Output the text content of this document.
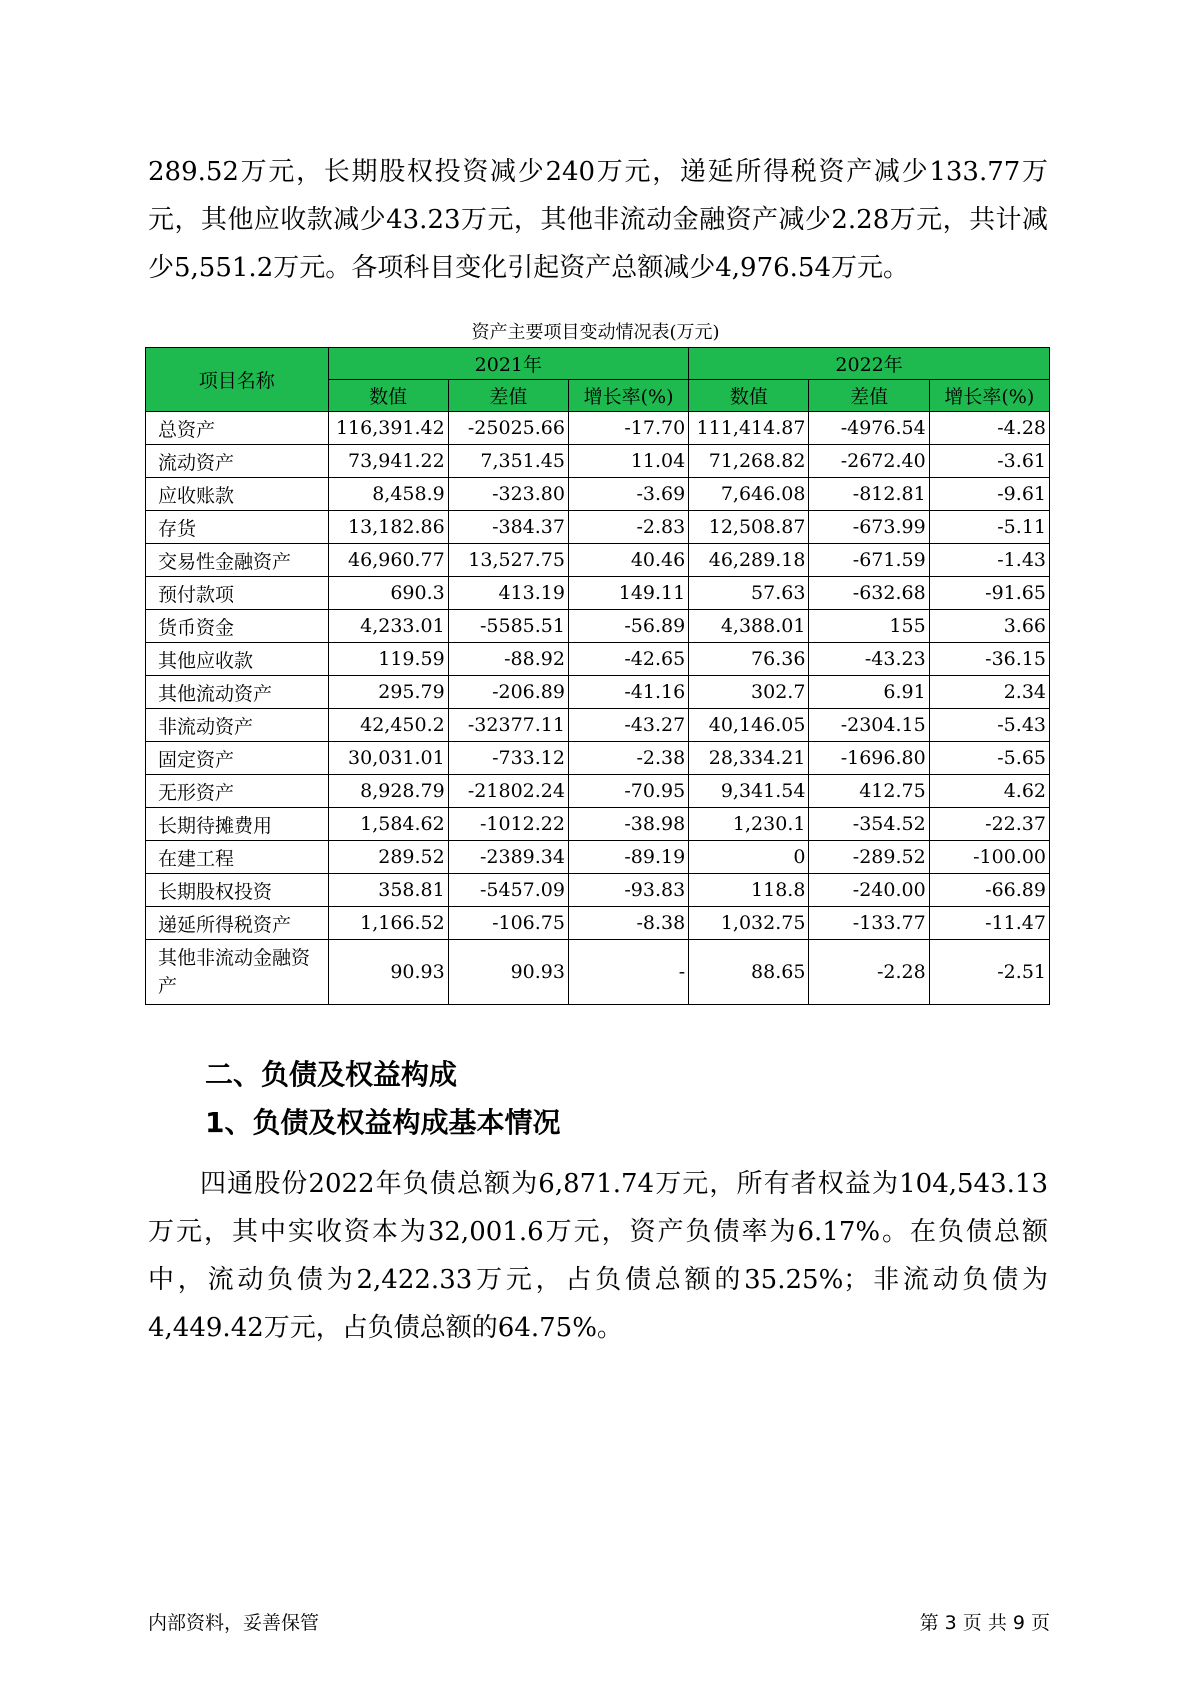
289.52万元，长期股权投资减少240万元，递延所得税资产减少133.77万元，其他应收款减少43.23万元，其他非流动金融资产减少2.28万元，共计减少5,551.2万元。各项科目变化引起资产总额减少4,976.54万元。

资产主要项目变动情况表(万元)
项目名称	2021年			2022年		
	数值	差值	增长率(%)	数值	差值	增长率(%)
总资产	116,391.42	-25025.66	-17.70	111,414.87	-4976.54	-4.28
流动资产	73,941.22	7,351.45	11.04	71,268.82	-2672.40	-3.61
应收账款	8,458.9	-323.80	-3.69	7,646.08	-812.81	-9.61
存货	13,182.86	-384.37	-2.83	12,508.87	-673.99	-5.11
交易性金融资产	46,960.77	13,527.75	40.46	46,289.18	-671.59	-1.43
预付款项	690.3	413.19	149.11	57.63	-632.68	-91.65
货币资金	4,233.01	-5585.51	-56.89	4,388.01	155	3.66
其他应收款	119.59	-88.92	-42.65	76.36	-43.23	-36.15
其他流动资产	295.79	-206.89	-41.16	302.7	6.91	2.34
非流动资产	42,450.2	-32377.11	-43.27	40,146.05	-2304.15	-5.43
固定资产	30,031.01	-733.12	-2.38	28,334.21	-1696.80	-5.65
无形资产	8,928.79	-21802.24	-70.95	9,341.54	412.75	4.62
长期待摊费用	1,584.62	-1012.22	-38.98	1,230.1	-354.52	-22.37
在建工程	289.52	-2389.34	-89.19	0	-289.52	-100.00
长期股权投资	358.81	-5457.09	-93.83	118.8	-240.00	-66.89
递延所得税资产	1,166.52	-106.75	-8.38	1,032.75	-133.77	-11.47
其他非流动金融资
产	90.93	90.93	-	88.65	-2.28	-2.51
二、负债及权益构成
1、负债及权益构成基本情况

四通股份2022年负债总额为6,871.74万元，所有者权益为104,543.13万元，其中实收资本为32,001.6万元，资产负债率为6.17%。在负债总额中，流动负债为2,422.33万元，占负债总额的35.25%；非流动负债为4,449.42万元，占负债总额的64.75%。

内部资料，妥善保管	第 3 页 共 9 页
